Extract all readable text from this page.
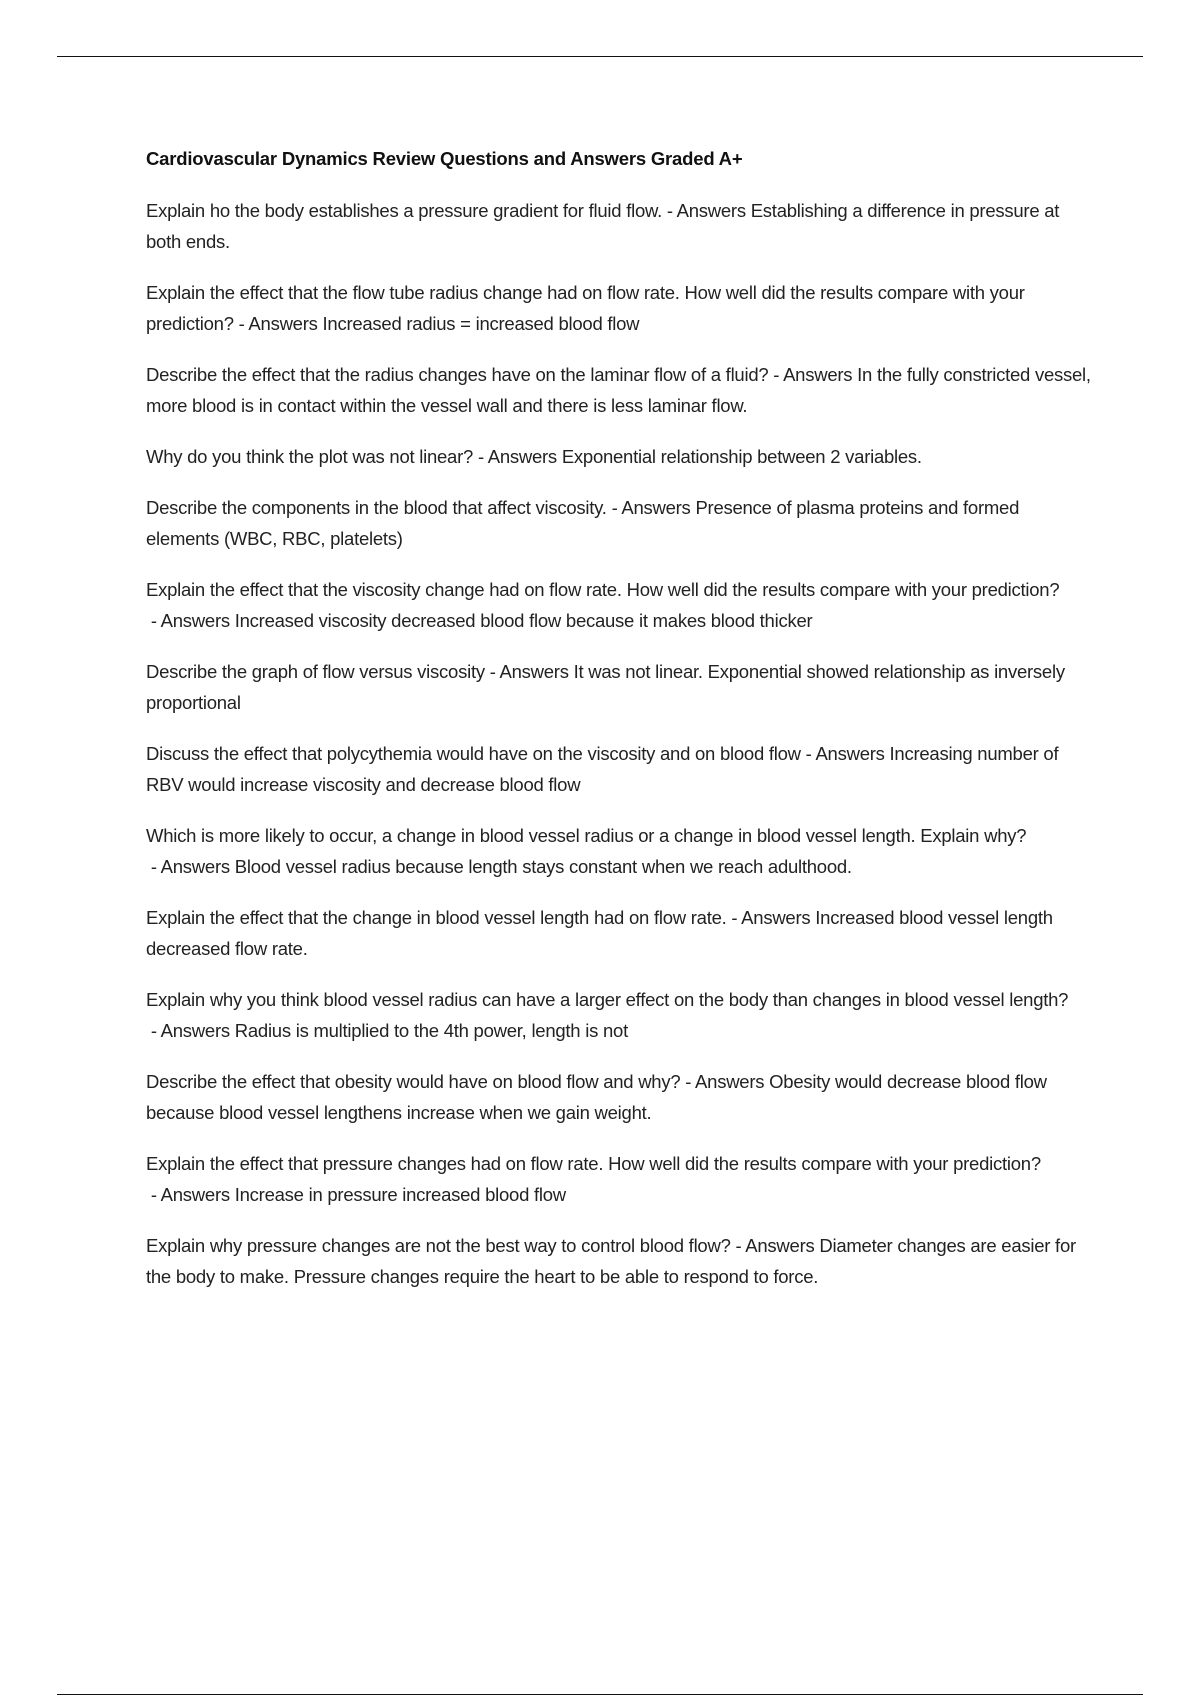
Cardiovascular Dynamics Review Questions and Answers Graded A+

Explain ho the body establishes a pressure gradient for fluid flow. - Answers Establishing a difference in pressure at both ends.

Explain the effect that the flow tube radius change had on flow rate. How well did the results compare with your prediction? - Answers Increased radius = increased blood flow

Describe the effect that the radius changes have on the laminar flow of a fluid? - Answers In the fully constricted vessel, more blood is in contact within the vessel wall and there is less laminar flow.

Why do you think the plot was not linear? - Answers Exponential relationship between 2 variables.

Describe the components in the blood that affect viscosity. - Answers Presence of plasma proteins and formed elements (WBC, RBC, platelets)

Explain the effect that the viscosity change had on flow rate. How well did the results compare with your prediction? - Answers Increased viscosity decreased blood flow because it makes blood thicker

Describe the graph of flow versus viscosity - Answers It was not linear. Exponential showed relationship as inversely proportional

Discuss the effect that polycythemia would have on the viscosity and on blood flow - Answers Increasing number of RBV would increase viscosity and decrease blood flow

Which is more likely to occur, a change in blood vessel radius or a change in blood vessel length. Explain why? - Answers Blood vessel radius because length stays constant when we reach adulthood.

Explain the effect that the change in blood vessel length had on flow rate. - Answers Increased blood vessel length decreased flow rate.

Explain why you think blood vessel radius can have a larger effect on the body than changes in blood vessel length? - Answers Radius is multiplied to the 4th power, length is not

Describe the effect that obesity would have on blood flow and why? - Answers Obesity would decrease blood flow because blood vessel lengthens increase when we gain weight.

Explain the effect that pressure changes had on flow rate. How well did the results compare with your prediction? - Answers Increase in pressure increased blood flow

Explain why pressure changes are not the best way to control blood flow? - Answers Diameter changes are easier for the body to make. Pressure changes require the heart to be able to respond to force.
